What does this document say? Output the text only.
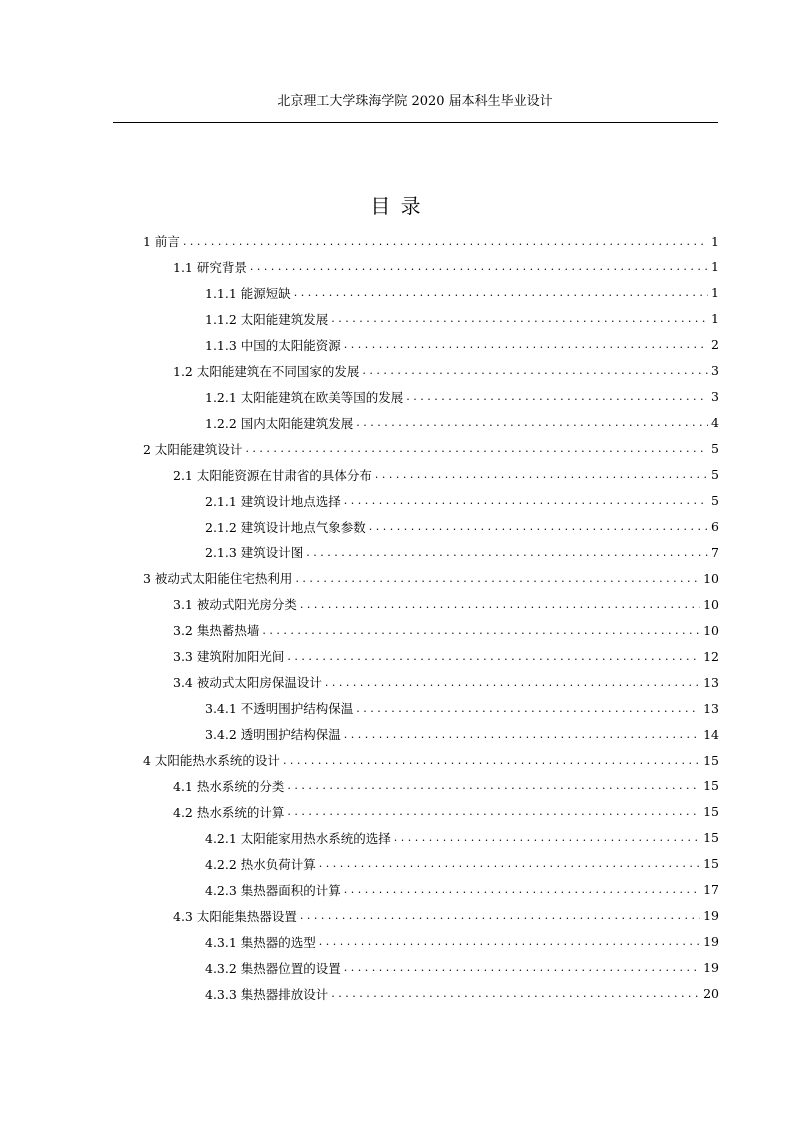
北京理工大学珠海学院 2020 届本科生毕业设计
目 录
1 前言 . . .	1
1.1 研究背景 . . .	1
1.1.1 能源短缺 . . .	1
1.1.2 太阳能建筑发展 . . .	1
1.1.3 中国的太阳能资源 . . .	2
1.2 太阳能建筑在不同国家的发展 . . .	3
1.2.1 太阳能建筑在欧美等国的发展 . . .	3
1.2.2 国内太阳能建筑发展 . . .	4
2 太阳能建筑设计 . . .	5
2.1 太阳能资源在甘肃省的具体分布 . . .	5
2.1.1 建筑设计地点选择 . . .	5
2.1.2 建筑设计地点气象参数 . . .	6
2.1.3 建筑设计图 . . .	7
3 被动式太阳能住宅热利用 . . .	10
3.1 被动式阳光房分类 . . .	10
3.2 集热蓄热墙 . . .	10
3.3 建筑附加阳光间 . . .	12
3.4 被动式太阳房保温设计 . . .	13
3.4.1 不透明围护结构保温 . . .	13
3.4.2 透明围护结构保温 . . .	14
4 太阳能热水系统的设计 . . .	15
4.1 热水系统的分类 . . .	15
4.2 热水系统的计算 . . .	15
4.2.1 太阳能家用热水系统的选择 . . .	15
4.2.2 热水负荷计算 . . .	15
4.2.3 集热器面积的计算 . . .	17
4.3 太阳能集热器设置 . . .	19
4.3.1 集热器的选型 . . .	19
4.3.2 集热器位置的设置 . . .	19
4.3.3 集热器排放设计 . . .	20
